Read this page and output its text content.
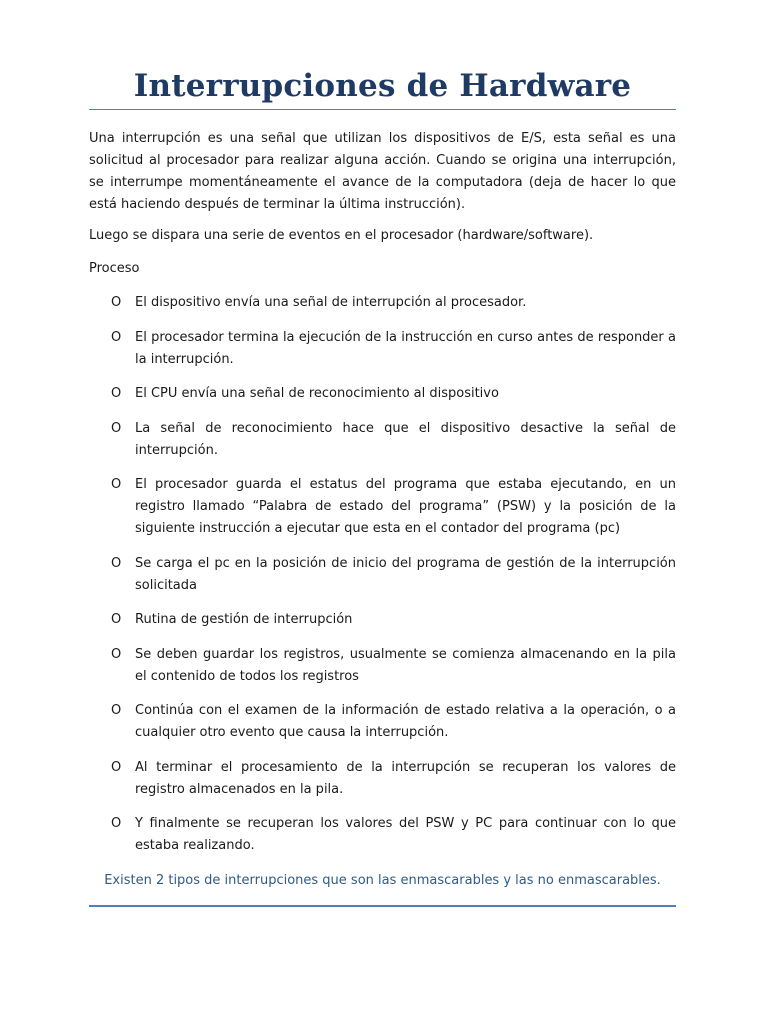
Interrupciones de Hardware

Una interrupción es una señal que utilizan los dispositivos de E/S, esta señal es una solicitud al procesador para realizar alguna acción. Cuando se origina una interrupción, se interrumpe momentáneamente el avance de la computadora (deja de hacer lo que está haciendo después de terminar la última instrucción).

Luego se dispara una serie de eventos en el procesador (hardware/software).

Proceso

O El dispositivo envía una señal de interrupción al procesador.
O El procesador termina la ejecución de la instrucción en curso antes de responder a la interrupción.
O El CPU envía una señal de reconocimiento al dispositivo
O La señal de reconocimiento hace que el dispositivo desactive la señal de interrupción.
O El procesador guarda el estatus del programa que estaba ejecutando, en un registro llamado “Palabra de estado del programa” (PSW) y la posición de la siguiente instrucción a ejecutar que esta en el contador del programa (pc)
O Se carga el pc en la posición de inicio del programa de gestión de la interrupción solicitada
O Rutina de gestión de interrupción
O Se deben guardar los registros, usualmente se comienza almacenando en la pila el contenido de todos los registros
O Continúa con el examen de la información de estado relativa a la operación, o a cualquier otro evento que causa la interrupción.
O Al terminar el procesamiento de la interrupción se recuperan los valores de registro almacenados en la pila.
O Y finalmente se recuperan los valores del PSW y PC para continuar con lo que estaba realizando.

Existen 2 tipos de interrupciones que son las enmascarables y las no enmascarables.
